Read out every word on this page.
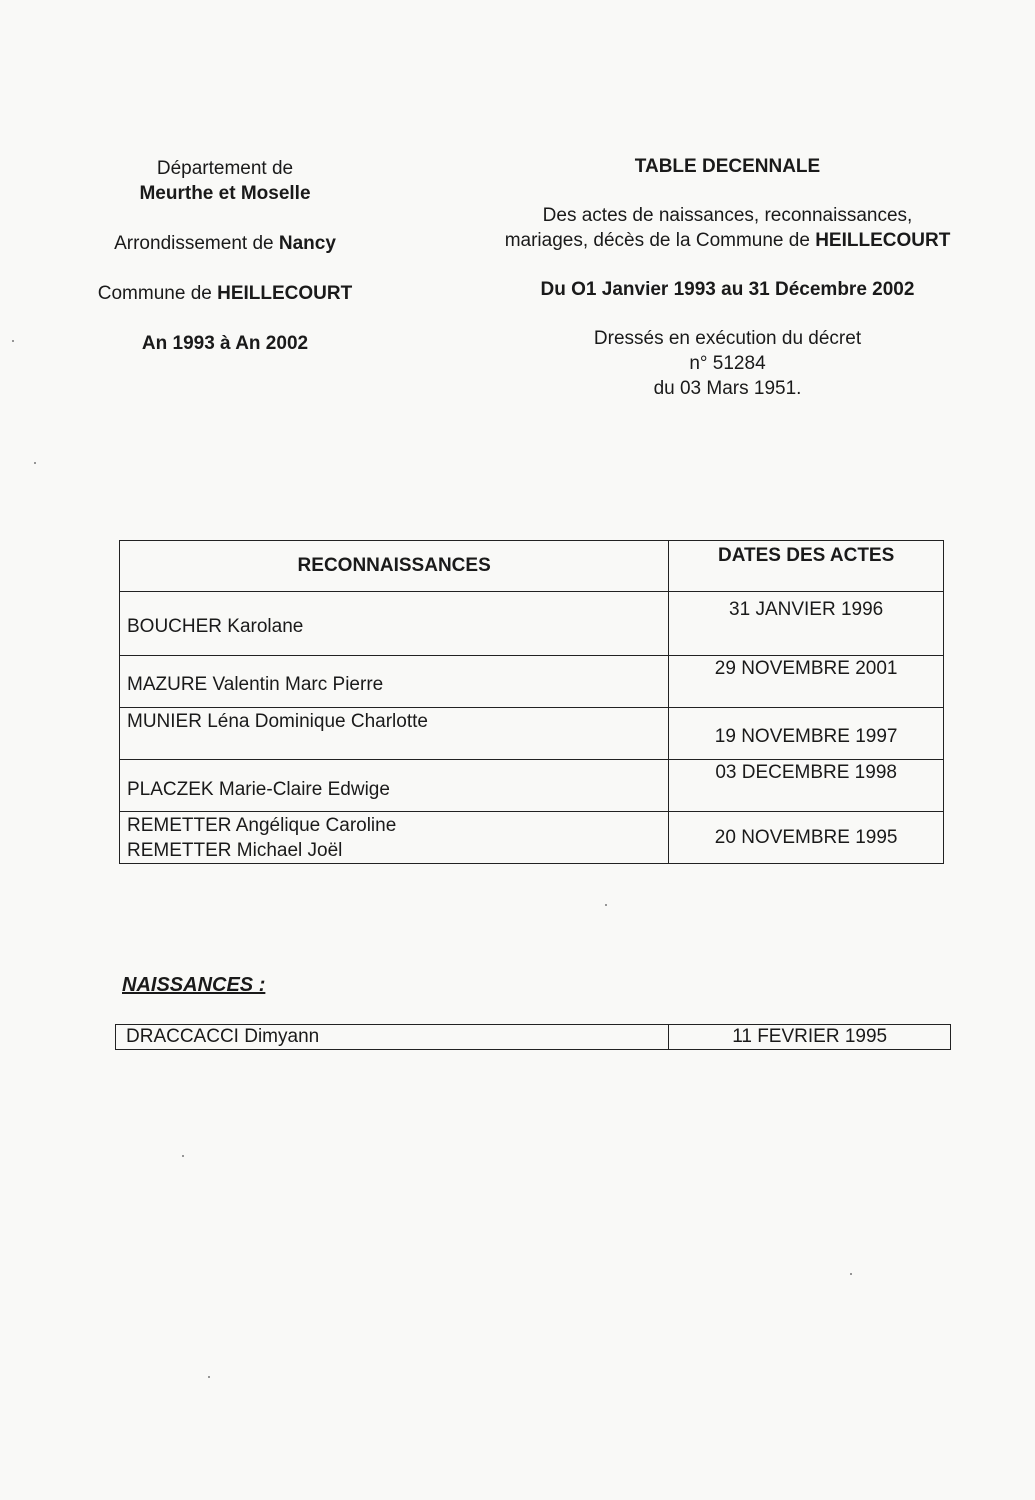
Département de
Meurthe et Moselle
Arrondissement de Nancy
Commune de HEILLECOURT
An 1993 à An 2002
TABLE DECENNALE
Des actes de naissances, reconnaissances,
mariages, décès de la Commune de HEILLECOURT
Du O1 Janvier 1993 au 31 Décembre 2002
Dressés en exécution du décret
n° 51284
du 03 Mars 1951.
RECONNAISSANCES	DATES DES ACTES
BOUCHER Karolane	31 JANVIER 1996
MAZURE Valentin Marc Pierre	29 NOVEMBRE 2001
MUNIER Léna Dominique Charlotte	19 NOVEMBRE 1997
PLACZEK Marie-Claire Edwige	03 DECEMBRE 1998

REMETTER Angélique Caroline
REMETTER Michael Joël	20 NOVEMBRE 1995
NAISSANCES :
DRACCACCI Dimyann	11 FEVRIER 1995
